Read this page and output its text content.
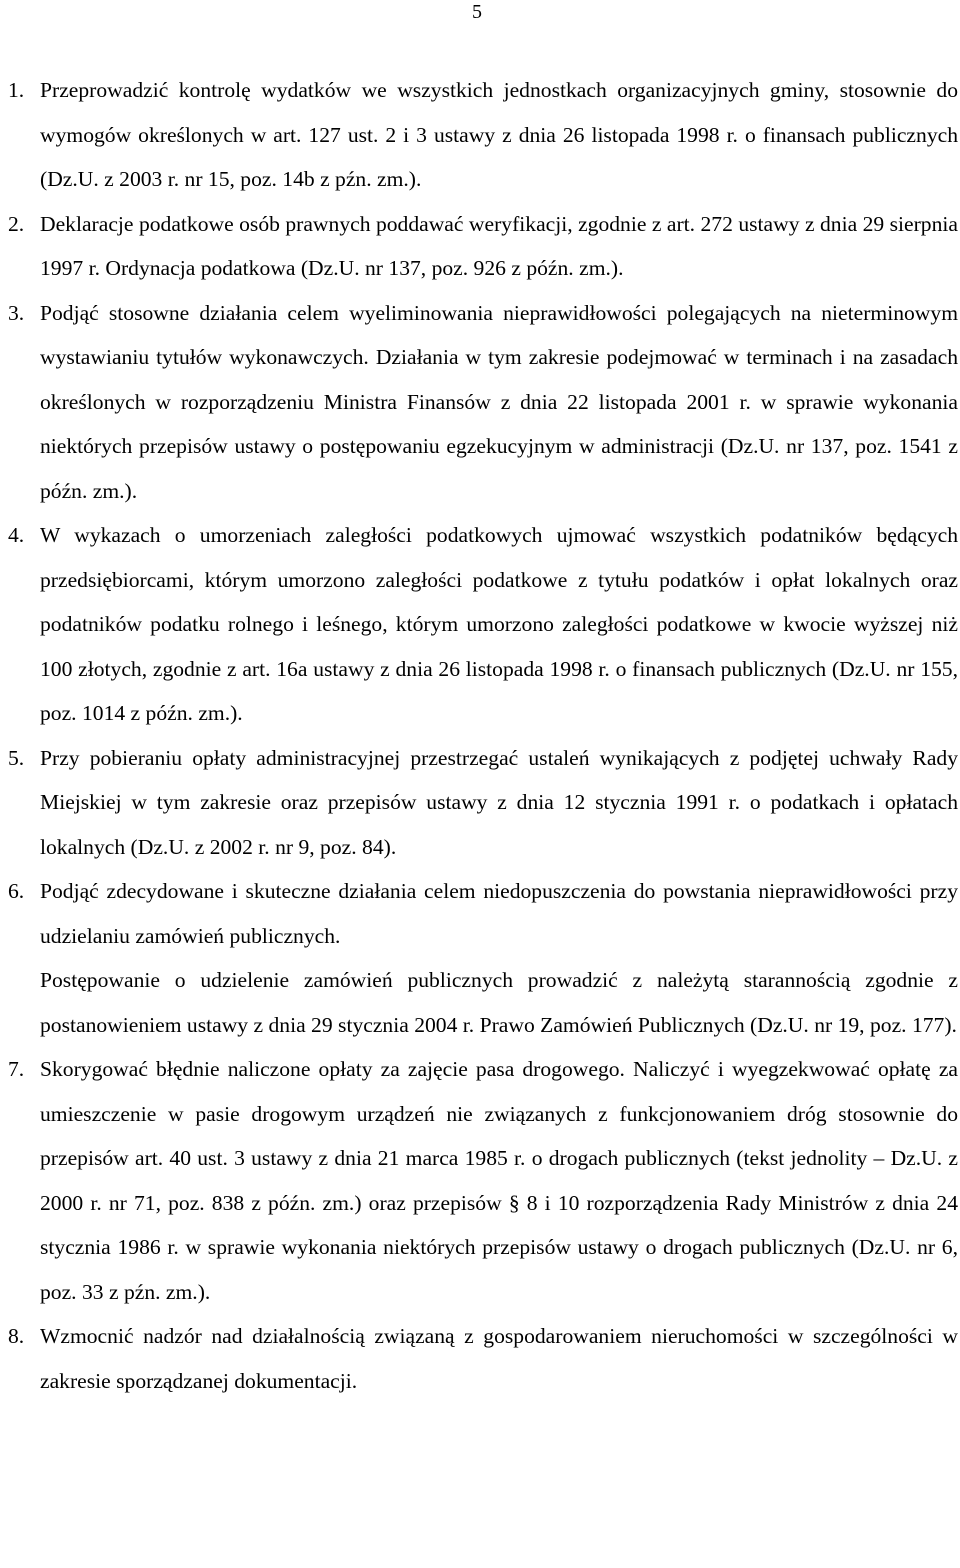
5
1. Przeprowadzić kontrolę wydatków we wszystkich jednostkach organizacyjnych gminy, stosownie do wymogów określonych w art. 127 ust. 2 i 3 ustawy z dnia 26 listopada 1998 r. o finansach publicznych (Dz.U. z 2003 r. nr 15, poz. 14b z pźn. zm.).
2. Deklaracje podatkowe osób prawnych poddawać weryfikacji, zgodnie z art. 272 ustawy z dnia 29 sierpnia 1997 r. Ordynacja podatkowa (Dz.U. nr 137, poz. 926 z późn. zm.).
3. Podjąć stosowne działania celem wyeliminowania nieprawidłowości polegających na nieterminowym wystawianiu tytułów wykonawczych. Działania w tym zakresie podejmować w terminach i na zasadach określonych w rozporządzeniu Ministra Finansów z dnia 22 listopada 2001 r. w sprawie wykonania niektórych przepisów ustawy o postępowaniu egzekucyjnym w administracji (Dz.U. nr 137, poz. 1541 z późn. zm.).
4. W wykazach o umorzeniach zaległości podatkowych ujmować wszystkich podatników będących przedsiębiorcami, którym umorzono zaległości podatkowe z tytułu podatków i opłat lokalnych oraz podatników podatku rolnego i leśnego, którym umorzono zaległości podatkowe w kwocie wyższej niż 100 złotych, zgodnie z art. 16a ustawy z dnia 26 listopada 1998 r. o finansach publicznych (Dz.U. nr 155, poz. 1014 z późn. zm.).
5. Przy pobieraniu opłaty administracyjnej przestrzegać ustaleń wynikających z podjętej uchwały Rady Miejskiej w tym zakresie oraz przepisów ustawy z dnia 12 stycznia 1991 r. o podatkach i opłatach lokalnych (Dz.U. z 2002 r. nr 9, poz. 84).
6. Podjąć zdecydowane i skuteczne działania celem niedopuszczenia do powstania nieprawidłowości przy udzielaniu zamówień publicznych.
Postępowanie o udzielenie zamówień publicznych prowadzić z należytą starannością zgodnie z postanowieniem ustawy z dnia 29 stycznia 2004 r. Prawo Zamówień Publicznych (Dz.U. nr 19, poz. 177).
7. Skorygować błędnie naliczone opłaty za zajęcie pasa drogowego. Naliczyć i wyegzekwować opłatę za umieszczenie w pasie drogowym urządzeń nie związanych z funkcjonowaniem dróg stosownie do przepisów art. 40 ust. 3 ustawy z dnia 21 marca 1985 r. o drogach publicznych (tekst jednolity – Dz.U. z 2000 r. nr 71, poz. 838 z późn. zm.) oraz przepisów § 8 i 10 rozporządzenia Rady Ministrów z dnia 24 stycznia 1986 r. w sprawie wykonania niektórych przepisów ustawy o drogach publicznych (Dz.U. nr 6, poz. 33 z pźn. zm.).
8. Wzmocnić nadzór nad działalnością związaną z gospodarowaniem nieruchomości w szczególności w zakresie sporządzanej dokumentacji.
